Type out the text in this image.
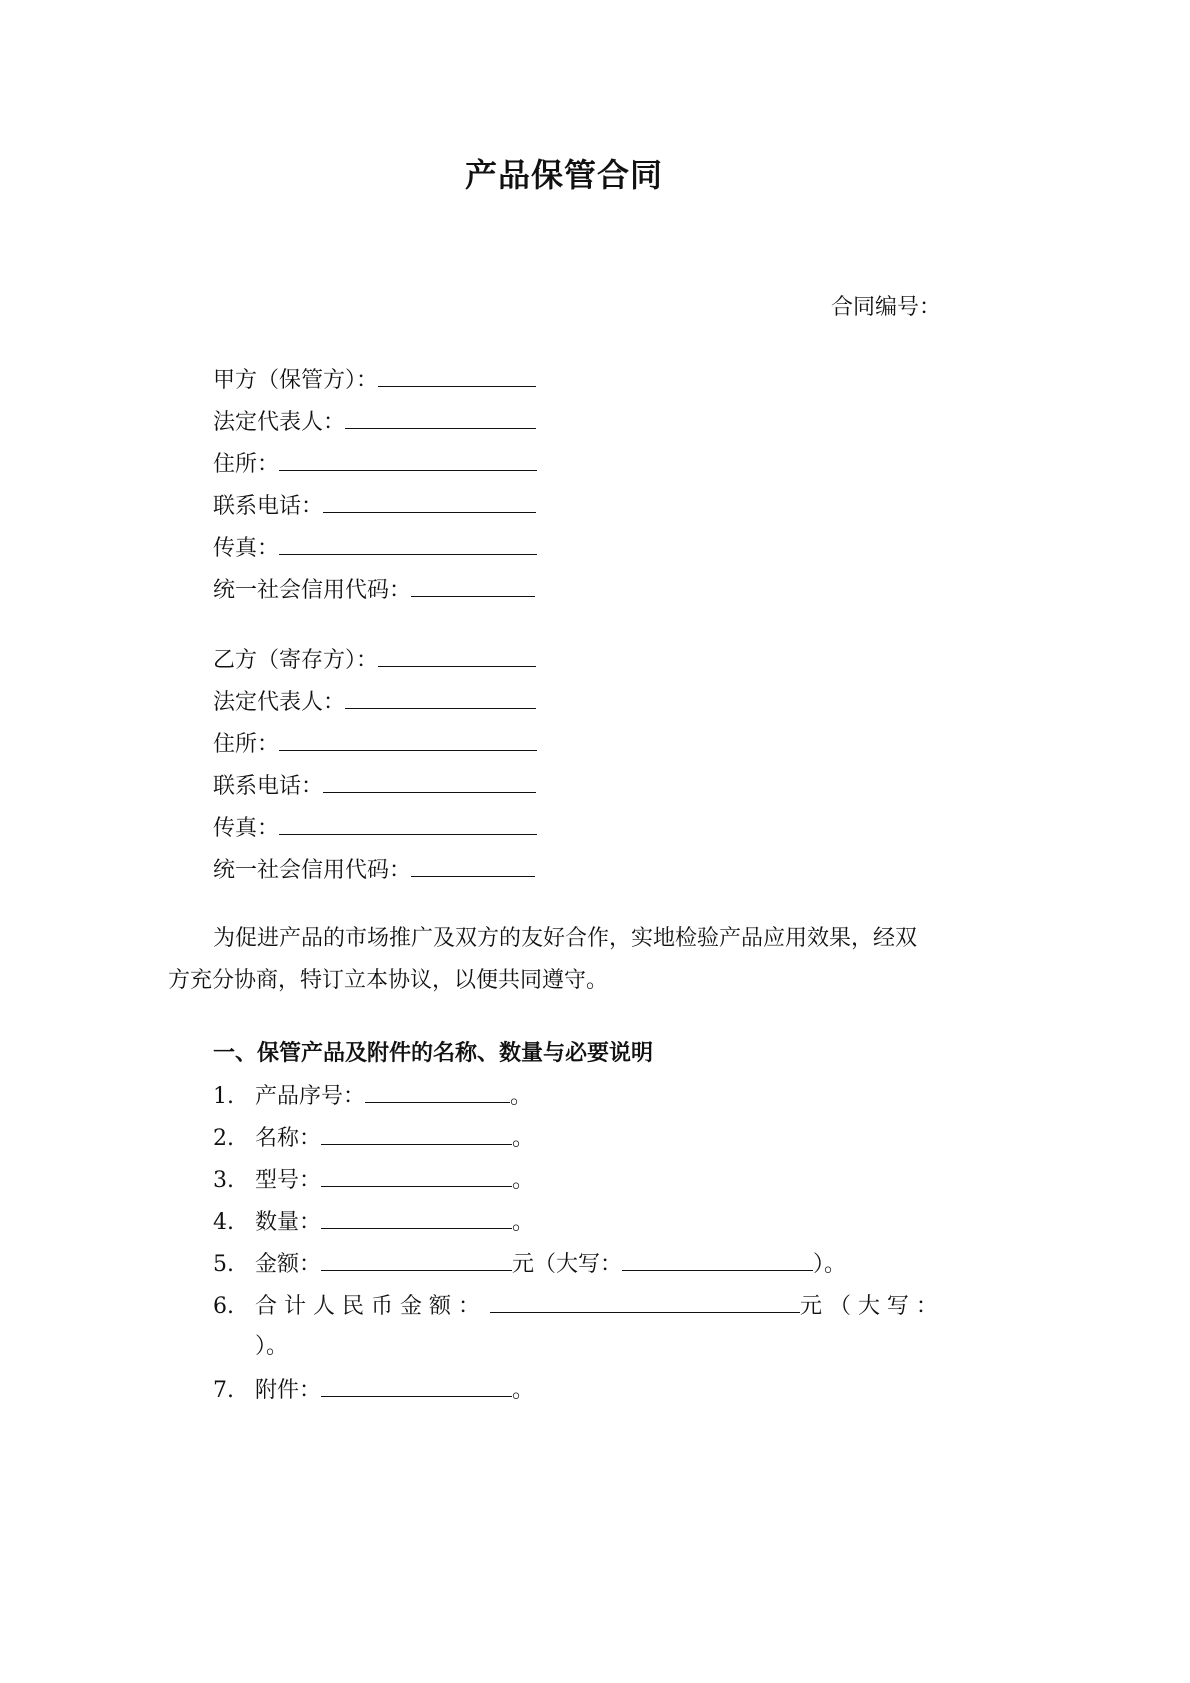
产品保管合同
合同编号：
甲方（保管方）：
法定代表人：
住所：
联系电话：
传真：
统一社会信用代码：
乙方（寄存方）：
法定代表人：
住所：
联系电话：
传真：
统一社会信用代码：
为促进产品的市场推广及双方的友好合作，实地检验产品应用效果，经双
方充分协商，特订立本协议，以便共同遵守。
一、保管产品及附件的名称、数量与必要说明
1. 产品序号：	。
2. 名称：	。
3. 型号：	。
4. 数量：	。
5. 金额：	元（大写：	）。
6. 合 计 人 民 币 金 额 ：	元 （ 大 写 ：
）。
7. 附件：	。
